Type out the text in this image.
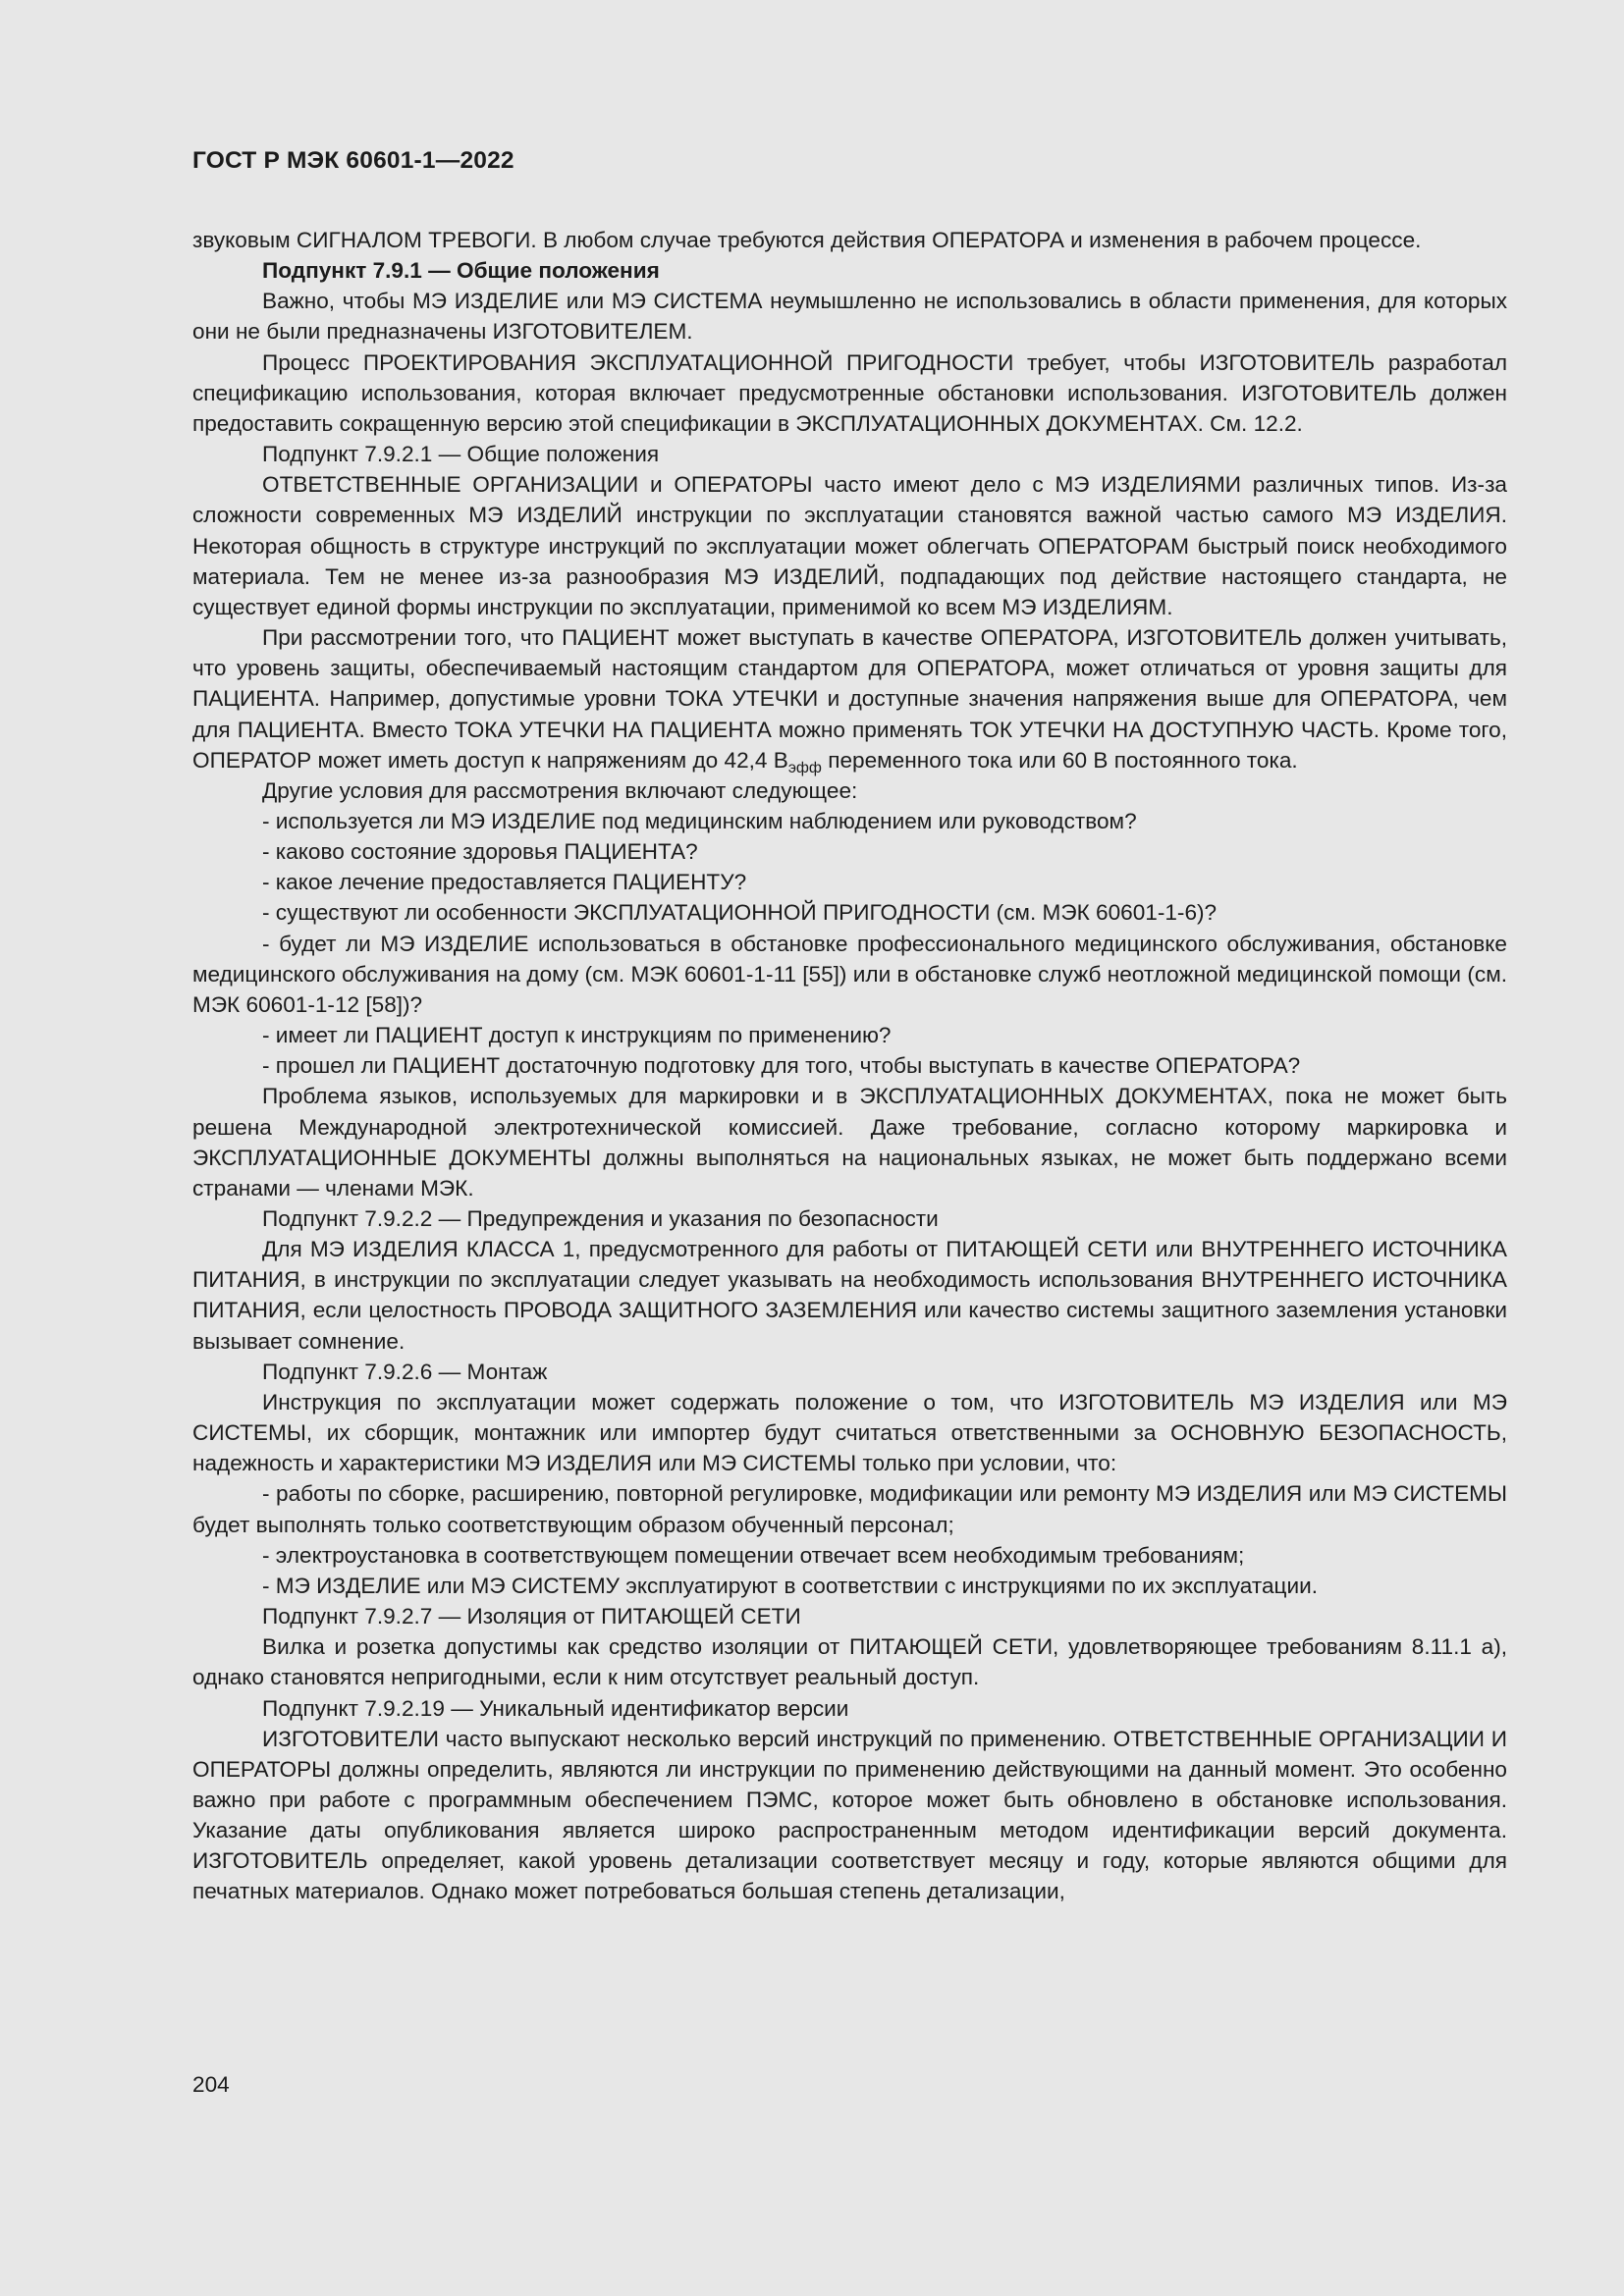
ГОСТ Р МЭК 60601-1—2022

звуковым СИГНАЛОМ ТРЕВОГИ. В любом случае требуются действия ОПЕРАТОРА и изменения в рабочем процессе.

Подпункт 7.9.1 — Общие положения

Важно, чтобы МЭ ИЗДЕЛИЕ или МЭ СИСТЕМА неумышленно не использовались в области применения, для которых они не были предназначены ИЗГОТОВИТЕЛЕМ.

Процесс ПРОЕКТИРОВАНИЯ ЭКСПЛУАТАЦИОННОЙ ПРИГОДНОСТИ требует, чтобы ИЗГОТОВИТЕЛЬ разработал спецификацию использования, которая включает предусмотренные обстановки использования. ИЗГОТОВИТЕЛЬ должен предоставить сокращенную версию этой спецификации в ЭКСПЛУАТАЦИОННЫХ ДОКУМЕНТАХ. См. 12.2.

Подпункт 7.9.2.1 — Общие положения

ОТВЕТСТВЕННЫЕ ОРГАНИЗАЦИИ и ОПЕРАТОРЫ часто имеют дело с МЭ ИЗДЕЛИЯМИ различных типов. Из-за сложности современных МЭ ИЗДЕЛИЙ инструкции по эксплуатации становятся важной частью самого МЭ ИЗДЕЛИЯ. Некоторая общность в структуре инструкций по эксплуатации может облегчать ОПЕРАТОРАМ быстрый поиск необходимого материала. Тем не менее из-за разнообразия МЭ ИЗДЕЛИЙ, подпадающих под действие настоящего стандарта, не существует единой формы инструкции по эксплуатации, применимой ко всем МЭ ИЗДЕЛИЯМ.

При рассмотрении того, что ПАЦИЕНТ может выступать в качестве ОПЕРАТОРА, ИЗГОТОВИТЕЛЬ должен учитывать, что уровень защиты, обеспечиваемый настоящим стандартом для ОПЕРАТОРА, может отличаться от уровня защиты для ПАЦИЕНТА. Например, допустимые уровни ТОКА УТЕЧКИ и доступные значения напряжения выше для ОПЕРАТОРА, чем для ПАЦИЕНТА. Вместо ТОКА УТЕЧКИ НА ПАЦИЕНТА можно применять ТОК УТЕЧКИ НА ДОСТУПНУЮ ЧАСТЬ. Кроме того, ОПЕРАТОР может иметь доступ к напряжениям до 42,4 $В_{эфф}$ переменного тока или 60 В постоянного тока.

Другие условия для рассмотрения включают следующее:

- используется ли МЭ ИЗДЕЛИЕ под медицинским наблюдением или руководством?

- каково состояние здоровья ПАЦИЕНТА?

- какое лечение предоставляется ПАЦИЕНТУ?

- существуют ли особенности ЭКСПЛУАТАЦИОННОЙ ПРИГОДНОСТИ (см. МЭК 60601-1-6)?

- будет ли МЭ ИЗДЕЛИЕ использоваться в обстановке профессионального медицинского обслуживания, обстановке медицинского обслуживания на дому (см. МЭК 60601-1-11 [55]) или в обстановке служб неотложной медицинской помощи (см. МЭК 60601-1-12 [58])?

- имеет ли ПАЦИЕНТ доступ к инструкциям по применению?

- прошел ли ПАЦИЕНТ достаточную подготовку для того, чтобы выступать в качестве ОПЕРАТОРА?

Проблема языков, используемых для маркировки и в ЭКСПЛУАТАЦИОННЫХ ДОКУМЕНТАХ, пока не может быть решена Международной электротехнической комиссией. Даже требование, согласно которому маркировка и ЭКСПЛУАТАЦИОННЫЕ ДОКУМЕНТЫ должны выполняться на национальных языках, не может быть поддержано всеми странами — членами МЭК.

Подпункт 7.9.2.2 — Предупреждения и указания по безопасности

Для МЭ ИЗДЕЛИЯ КЛАССА 1, предусмотренного для работы от ПИТАЮЩЕЙ СЕТИ или ВНУТРЕННЕГО ИСТОЧНИКА ПИТАНИЯ, в инструкции по эксплуатации следует указывать на необходимость использования ВНУТРЕННЕГО ИСТОЧНИКА ПИТАНИЯ, если целостность ПРОВОДА ЗАЩИТНОГО ЗАЗЕМЛЕНИЯ или качество системы защитного заземления установки вызывает сомнение.

Подпункт 7.9.2.6 — Монтаж

Инструкция по эксплуатации может содержать положение о том, что ИЗГОТОВИТЕЛЬ МЭ ИЗДЕЛИЯ или МЭ СИСТЕМЫ, их сборщик, монтажник или импортер будут считаться ответственными за ОСНОВНУЮ БЕЗОПАСНОСТЬ, надежность и характеристики МЭ ИЗДЕЛИЯ или МЭ СИСТЕМЫ только при условии, что:

- работы по сборке, расширению, повторной регулировке, модификации или ремонту МЭ ИЗДЕЛИЯ или МЭ СИСТЕМЫ будет выполнять только соответствующим образом обученный персонал;

- электроустановка в соответствующем помещении отвечает всем необходимым требованиям;

- МЭ ИЗДЕЛИЕ или МЭ СИСТЕМУ эксплуатируют в соответствии с инструкциями по их эксплуатации.

Подпункт 7.9.2.7 — Изоляция от ПИТАЮЩЕЙ СЕТИ

Вилка и розетка допустимы как средство изоляции от ПИТАЮЩЕЙ СЕТИ, удовлетворяющее требованиям 8.11.1 а), однако становятся непригодными, если к ним отсутствует реальный доступ.

Подпункт 7.9.2.19 — Уникальный идентификатор версии

ИЗГОТОВИТЕЛИ часто выпускают несколько версий инструкций по применению. ОТВЕТСТВЕННЫЕ ОРГАНИЗАЦИИ И ОПЕРАТОРЫ должны определить, являются ли инструкции по применению действующими на данный момент. Это особенно важно при работе с программным обеспечением ПЭМС, которое может быть обновлено в обстановке использования. Указание даты опубликования является широко распространенным методом идентификации версий документа. ИЗГОТОВИТЕЛЬ определяет, какой уровень детализации соответствует месяцу и году, которые являются общими для печатных материалов. Однако может потребоваться большая степень детализации,

204
